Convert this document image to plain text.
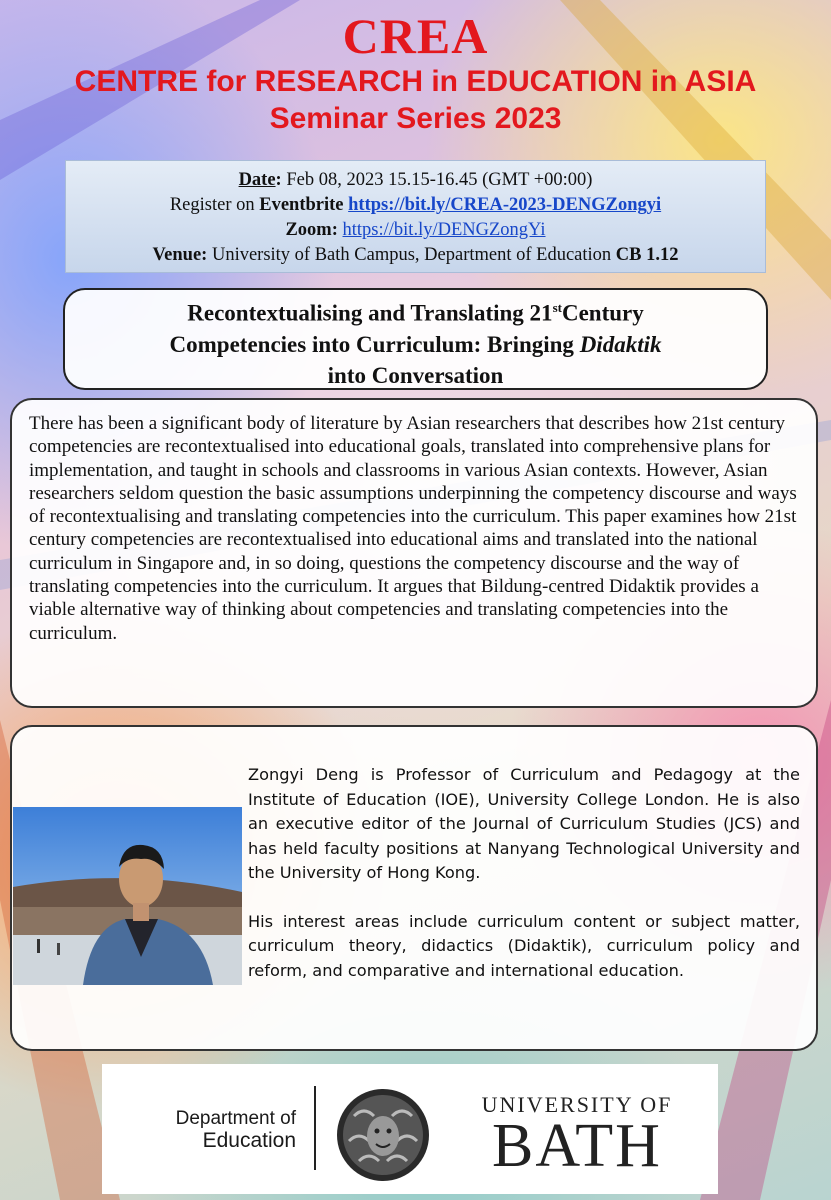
CREA
CENTRE for RESEARCH in EDUCATION in ASIA
Seminar Series 2023
Date: Feb 08, 2023 15.15-16.45 (GMT +00:00)
Register on Eventbrite https://bit.ly/CREA-2023-DENGZongyi
Zoom: https://bit.ly/DENGZongYi
Venue: University of Bath Campus, Department of Education CB 1.12
Recontextualising and Translating 21stCentury
Competencies into Curriculum: Bringing Didaktik
into Conversation

There has been a significant body of literature by Asian researchers that describes how 21st century competencies are recontextualised into educational goals, translated into comprehensive plans for implementation, and taught in schools and classrooms in various Asian contexts. However, Asian researchers seldom question the basic assumptions underpinning the competency discourse and ways of recontextualising and translating competencies into the curriculum. This paper examines how 21st century competencies are recontextualised into educational aims and translated into the national curriculum in Singapore and, in so doing, questions the competency discourse and the way of translating competencies into the curriculum. It argues that Bildung-centred Didaktik provides a viable alternative way of thinking about competencies and translating competencies into the curriculum.

Zongyi Deng is Professor of Curriculum and Pedagogy at the Institute of Education (IOE), University College London. He is also an executive editor of the Journal of Curriculum Studies (JCS) and has held faculty positions at Nanyang Technological University and the University of Hong Kong.

His interest areas include curriculum content or subject matter, curriculum theory, didactics (Didaktik), curriculum policy and reform, and comparative and international education.

Department of
Education
UNIVERSITY OF
BATH
